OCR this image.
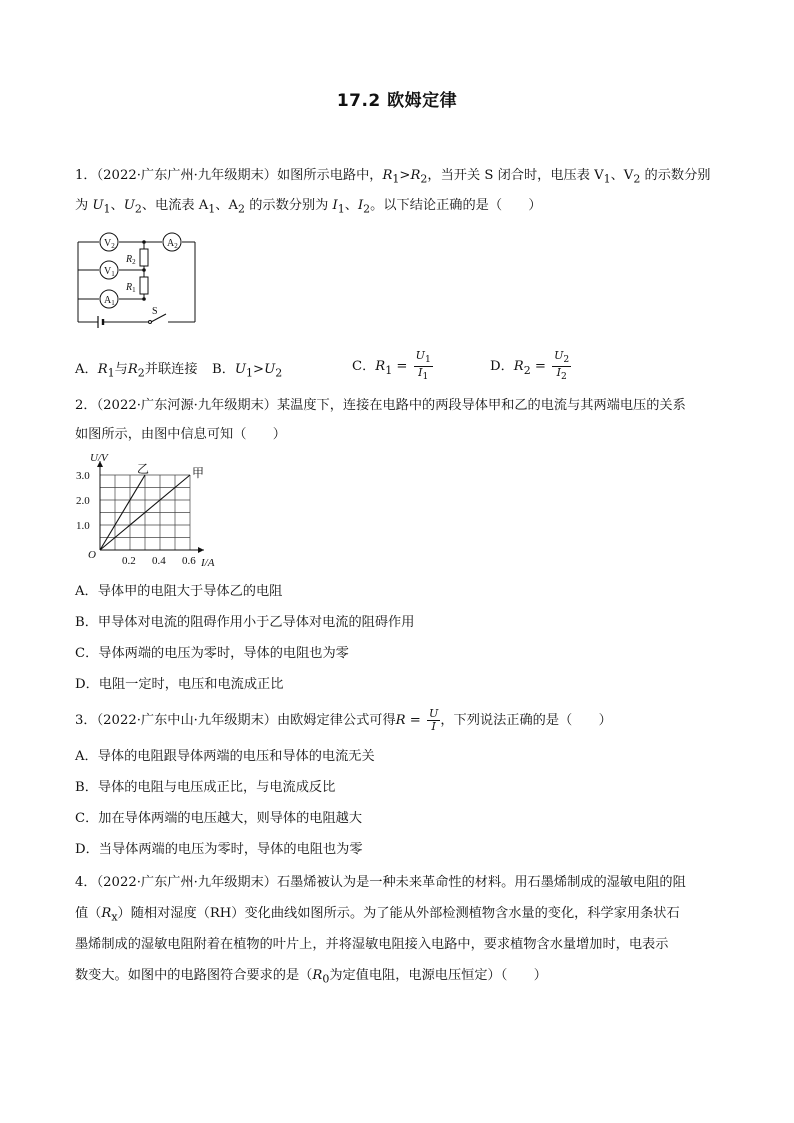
17.2 欧姆定律
1．（2022·广东广州·九年级期末）如图所示电路中，$R_1>R_2$，当开关 S 闭合时，电压表 $V_1$、$V_2$ 的示数分别
为 $U_1$、$U_2$、电流表 $A_1$、$A_2$ 的示数分别为 $I_1$、$I_2$。以下结论正确的是（　　）
$V_2$
$V_1$
$A_1$
$A_2$
$R_2$
$R_1$
S
A．$R_1$与$R_2$并联连接 B．$U_1>U_2$	C．$R_1 = \frac{U_1}{I_1}$	D．$R_2 = \frac{U_2}{I_2}$
2．（2022·广东河源·九年级期末）某温度下，连接在电路中的两段导体甲和乙的电流与其两端电压的关系
如图所示，由图中信息可知（　　）
乙	甲
0.2 0.4 0.6
1.0
2.0
3.0
O
I/A
U/V
A．导体甲的电阻大于导体乙的电阻
B．甲导体对电流的阻碍作用小于乙导体对电流的阻碍作用
C．导体两端的电压为零时，导体的电阻也为零
D．电阻一定时，电压和电流成正比
3．（2022·广东中山·九年级期末）由欧姆定律公式可得$R = \frac{U}{I}$ ，下列说法正确的是（　　）
A．导体的电阻跟导体两端的电压和导体的电流无关
B．导体的电阻与电压成正比，与电流成反比
C．加在导体两端的电压越大，则导体的电阻越大
D．当导体两端的电压为零时，导体的电阻也为零
4．（2022·广东广州·九年级期末）石墨烯被认为是一种未来革命性的材料。用石墨烯制成的湿敏电阻的阻
值$(R_x)$随相对湿度（RH）变化曲线如图所示。为了能从外部检测植物含水量的变化，科学家用条状石
墨烯制成的湿敏电阻附着在植物的叶片上，并将湿敏电阻接入电路中，要求植物含水量增加时，电表示
数变大。如图中的电路图符合要求的是（$R_0$为定值电阻，电源电压恒定）（　　）
